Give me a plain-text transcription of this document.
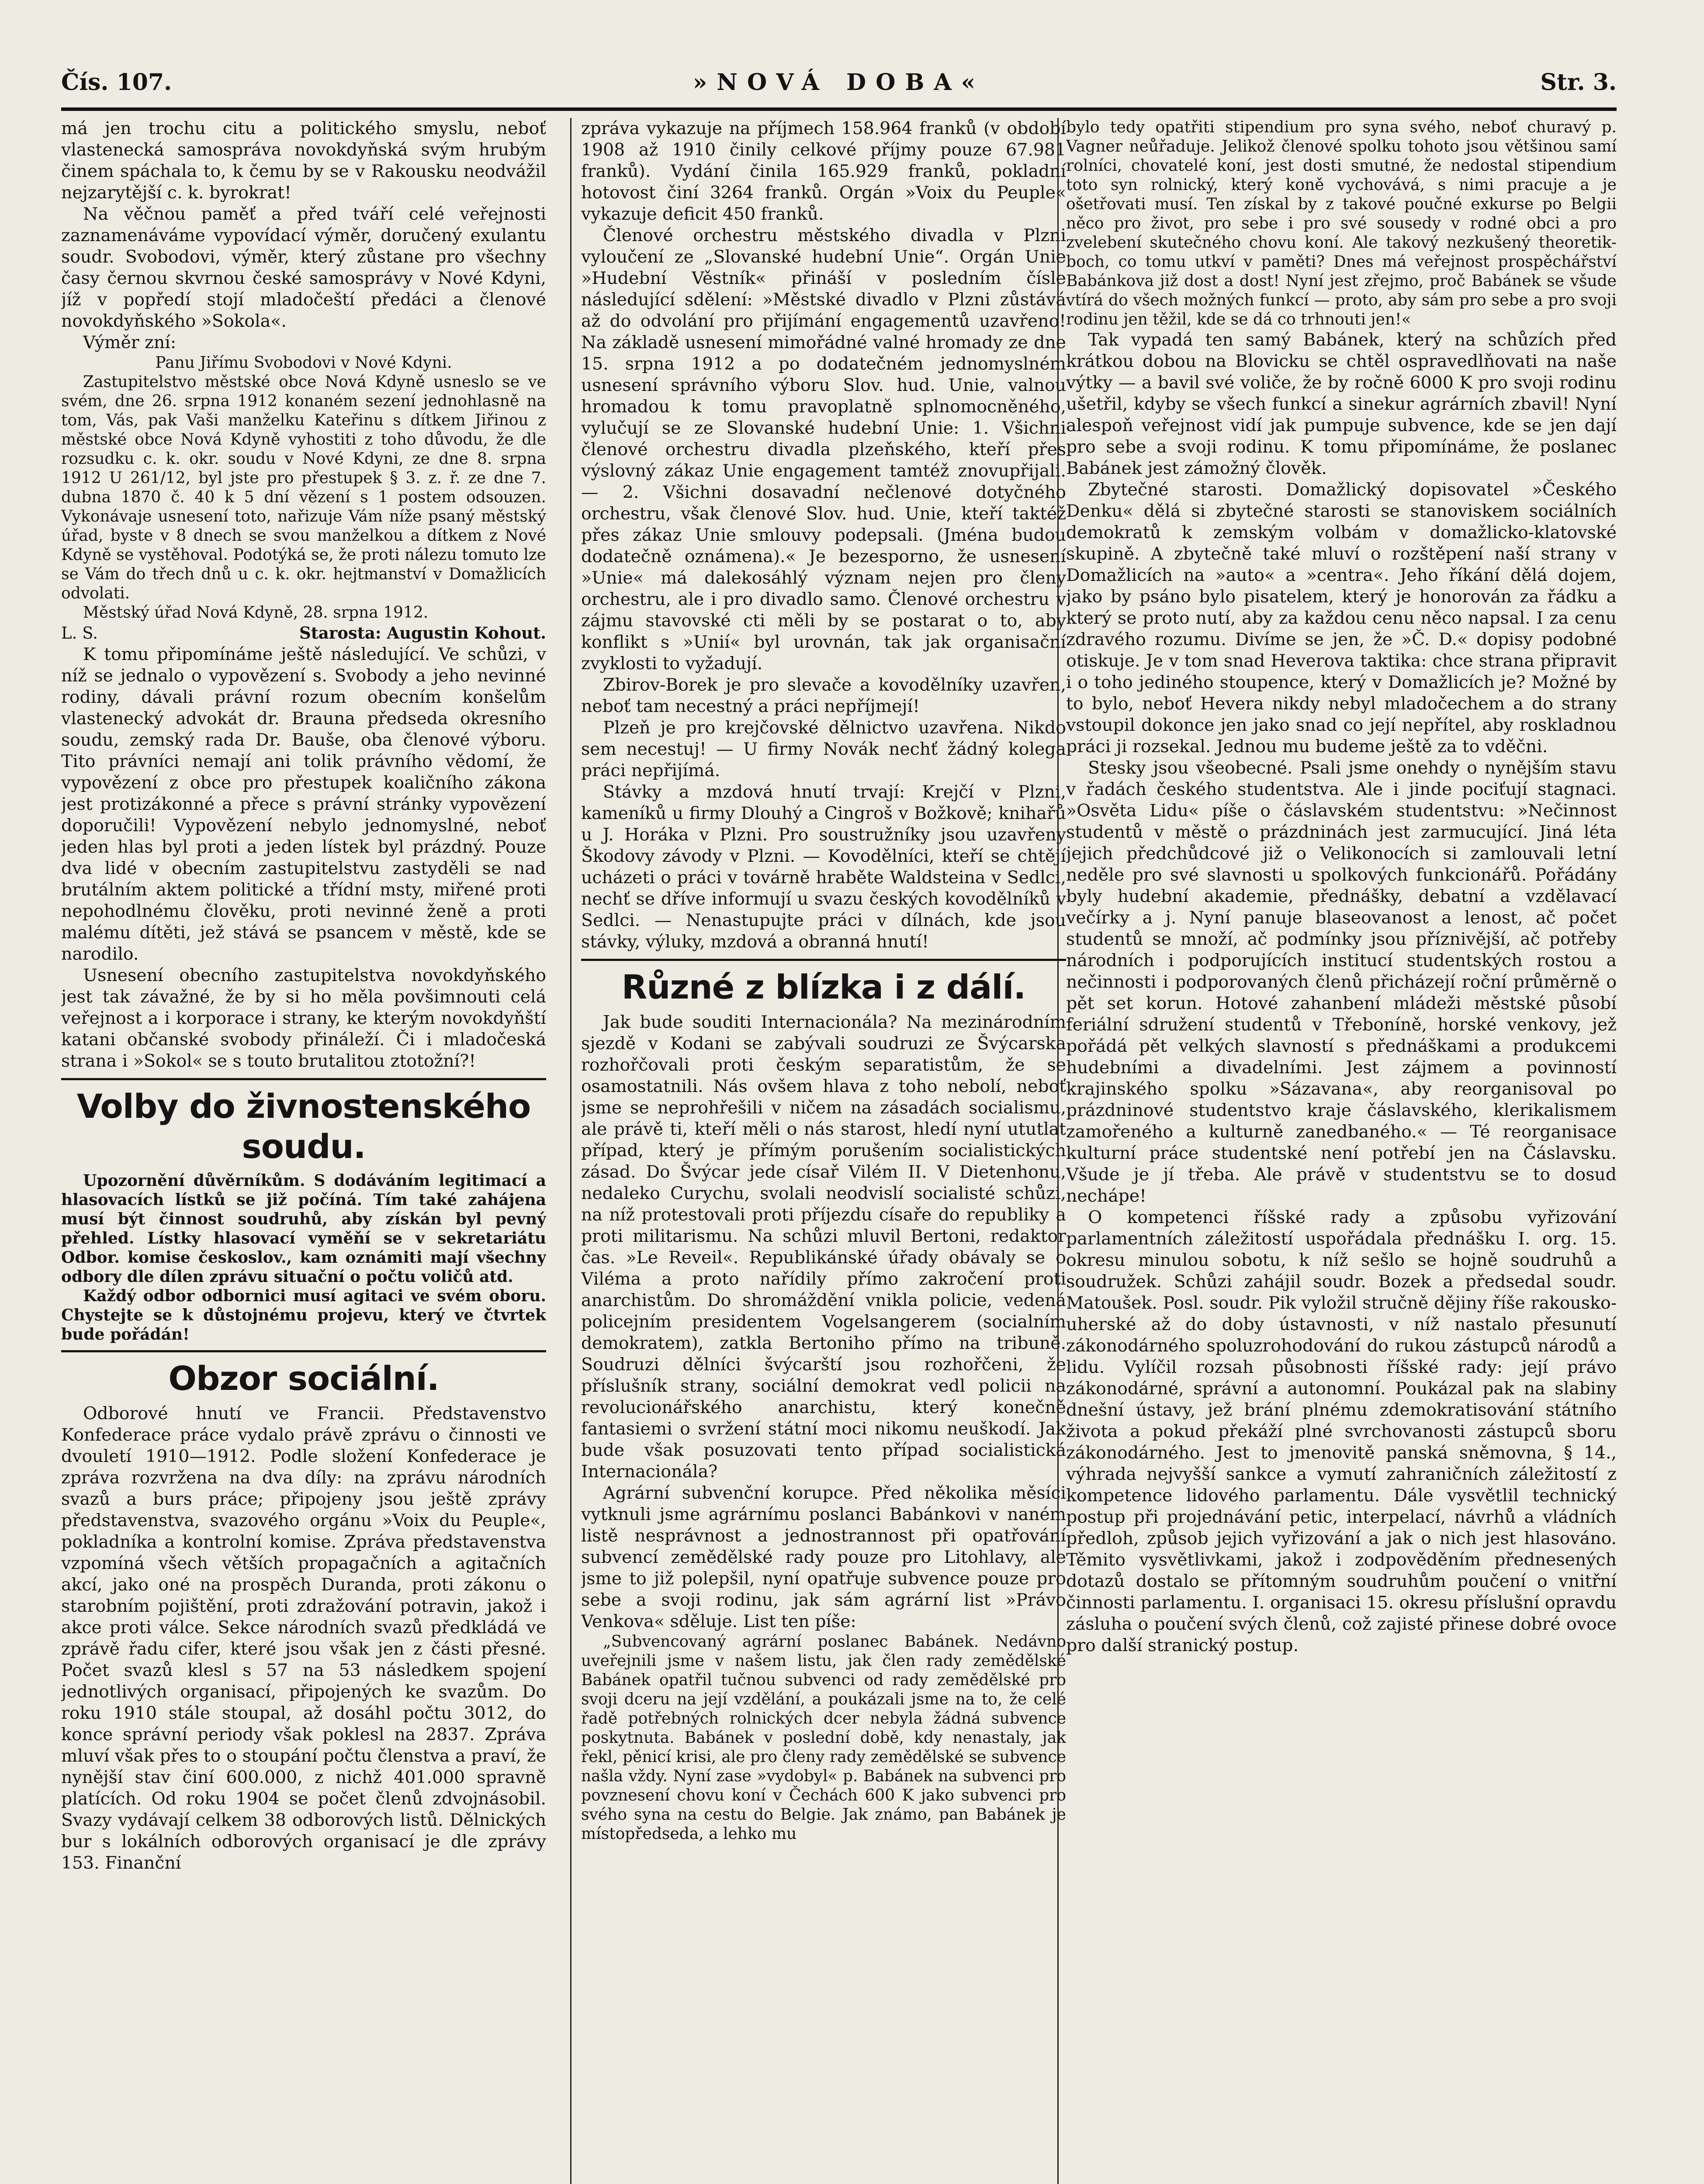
Čís. 107.	»NOVÁ DOBA«	Str. 3.

má jen trochu citu a politického smyslu, neboť vlastenecká samospráva novokdyňská svým hrubým činem spáchala to, k čemu by se v Rakousku neodvážil nejzarytější c. k. byrokrat!

Na věčnou paměť a před tváří celé veřejnosti zaznamenáváme vypovídací výměr, doručený exulantu soudr. Svobodovi, výměr, který zůstane pro všechny časy černou skvrnou české samosprávy v Nové Kdyni, jíž v popředí stojí mladočeští předáci a členové novokdyňského »Sokola«.

Výměr zní:

Panu Jiřímu Svobodovi v Nové Kdyni.

Zastupitelstvo městské obce Nová Kdyně usneslo se ve svém, dne 26. srpna 1912 konaném sezení jednohlasně na tom, Vás, pak Vaši manželku Kateřinu s dítkem Jiřinou z městské obce Nová Kdyně vyhostiti z toho důvodu, že dle rozsudku c. k. okr. soudu v Nové Kdyni, ze dne 8. srpna 1912 U 261/12, byl jste pro přestupek § 3. z. ř. ze dne 7. dubna 1870 č. 40 k 5 dní vězení s 1 postem odsouzen. Vykonávaje usnesení toto, nařizuje Vám níže psaný městský úřad, byste v 8 dnech se svou manželkou a dítkem z Nové Kdyně se vystěhoval. Podotýká se, že proti nálezu tomuto lze se Vám do třech dnů u c. k. okr. hejtmanství v Domažlicích odvolati.

Městský úřad Nová Kdyně, 28. srpna 1912.

L. S.	Starosta: Augustin Kohout.

K tomu připomínáme ještě následující. Ve schůzi, v níž se jednalo o vypovězení s. Svobody a jeho nevinné rodiny, dávali právní rozum obecním konšelům vlastenecký advokát dr. Brauna předseda okresního soudu, zemský rada Dr. Bauše, oba členové výboru. Tito právníci nemají ani tolik právního vědomí, že vypovězení z obce pro přestupek koaličního zákona jest protizákonné a přece s právní stránky vypovězení doporučili! Vypovězení nebylo jednomyslné, neboť jeden hlas byl proti a jeden lístek byl prázdný. Pouze dva lidé v obecním zastupitelstvu zastyděli se nad brutálním aktem politické a třídní msty, miřené proti nepohodlnému člověku, proti nevinné ženě a proti malému dítěti, jež stává se psancem v městě, kde se narodilo.

Usnesení obecního zastupitelstva novokdyňského jest tak závažné, že by si ho měla povšimnouti celá veřejnost a i korporace i strany, ke kterým novokdyňští katani občanské svobody přináleží. Či i mladočeská strana i »Sokol« se s touto brutalitou ztotožní?!

Volby do živnostenského soudu.

Upozornění důvěrníkům. S dodáváním legitimací a hlasovacích lístků se již počíná. Tím také zahájena musí být činnost soudruhů, aby získán byl pevný přehled. Lístky hlasovací vyměňí se v sekretariátu Odbor. komise českoslov., kam oznámiti mají všechny odbory dle dílen zprávu situační o počtu voličů atd.

Každý odbor odbornici musí agitaci ve svém oboru. Chystejte se k důstojnému projevu, který ve čtvrtek bude pořádán!

Obzor sociální.

Odborové hnutí ve Francii. Představenstvo Konfederace práce vydalo právě zprávu o činnosti ve dvouletí 1910—1912. Podle složení Konfederace je zpráva rozvržena na dva díly: na zprávu národních svazů a burs práce; připojeny jsou ještě zprávy představenstva, svazového orgánu »Voix du Peuple«, pokladníka a kontrolní komise. Zpráva představenstva vzpomíná všech větších propagačních a agitačních akcí, jako oné na prospěch Duranda, proti zákonu o starobním pojištění, proti zdražování potravin, jakož i akce proti válce. Sekce národních svazů předkládá ve zprávě řadu cifer, které jsou však jen z části přesné. Počet svazů klesl s 57 na 53 následkem spojení jednotlivých organisací, připojených ke svazům. Do roku 1910 stále stoupal, až dosáhl počtu 3012, do konce správní periody však poklesl na 2837. Zpráva mluví však přes to o stoupání počtu členstva a praví, že nynější stav činí 600.000, z nichž 401.000 spravně platících. Od roku 1904 se počet členů zdvojnásobil. Svazy vydávají celkem 38 odborových listů. Dělnických bur s lokálních odborových organisací je dle zprávy 153. Finanční

zpráva vykazuje na příjmech 158.964 franků (v období 1908 až 1910 činily celkové příjmy pouze 67.981 franků). Vydání činila 165.929 franků, pokladní hotovost činí 3264 franků. Orgán »Voix du Peuple« vykazuje deficit 450 franků.

Členové orchestru městského divadla v Plzni vyloučení ze „Slovanské hudební Unie“. Orgán Unie »Hudební Věstník« přináší v posledním čísle následující sdělení: »Městské divadlo v Plzni zůstává až do odvolání pro přijímání engagementů uzavřeno! Na základě usnesení mimořádné valné hromady ze dne 15. srpna 1912 a po dodatečném jednomyslném usnesení správního výboru Slov. hud. Unie, valnou hromadou k tomu pravoplatně splnomocněného, vylučují se ze Slovanské hudební Unie: 1. Všichni členové orchestru divadla plzeňského, kteří přes výslovný zákaz Unie engagement tamtéž znovupřijali. — 2. Všichni dosavadní nečlenové dotyčného orchestru, však členové Slov. hud. Unie, kteří taktéž přes zákaz Unie smlouvy podepsali. (Jména budou dodatečně oznámena).« Je bezesporno, že usnesení »Unie« má dalekosáhlý význam nejen pro členy orchestru, ale i pro divadlo samo. Členové orchestru v zájmu stavovské cti měli by se postarat o to, aby konflikt s »Unií« byl urovnán, tak jak organisační zvyklosti to vyžadují.

Zbirov-Borek je pro slevače a kovodělníky uzavřen, neboť tam necestný a práci nepříjmejí!

Plzeň je pro krejčovské dělnictvo uzavřena. Nikdo sem necestuj! — U firmy Novák nechť žádný kolega práci nepřijímá.

Stávky a mzdová hnutí trvají: Krejčí v Plzni, kameníků u firmy Dlouhý a Cingroš v Božkově; knihařů u J. Horáka v Plzni. Pro soustružníky jsou uzavřeny Škodovy závody v Plzni. — Kovodělníci, kteří se chtějí ucházeti o práci v továrně hraběte Waldsteina v Sedlci, nechť se dříve informují u svazu českých kovodělníků v Sedlci. — Nenastupujte práci v dílnách, kde jsou stávky, výluky, mzdová a obranná hnutí!

Různé z blízka i z dálí.

Jak bude souditi Internacionála? Na mezinárodním sjezdě v Kodani se zabývali soudruzi ze Švýcarska rozhořčovali proti českým separatistům, že se osamostatnili. Nás ovšem hlava z toho nebolí, neboť jsme se neprohřešili v ničem na zásadách socialismu, ale právě ti, kteří měli o nás starost, hledí nyní ututlat případ, který je přímým porušením socialistických zásad. Do Švýcar jede císař Vilém II. V Dietenhonu, nedaleko Curychu, svolali neodvislí socialisté schůzi, na níž protestovali proti příjezdu císaře do republiky a proti militarismu. Na schůzi mluvil Bertoni, redaktor čas. »Le Reveil«. Republikánské úřady obávaly se o Viléma a proto nařídily přímo zakročení proti anarchistům. Do shromáždění vnikla policie, vedená policejním presidentem Vogelsangerem (socialním demokratem), zatkla Bertoniho přímo na tribuně. Soudruzi dělníci švýcarští jsou rozhořčeni, že příslušník strany, sociální demokrat vedl policii na revolucionářského anarchistu, který konečně fantasiemi o svržení státní moci nikomu neuškodí. Jak bude však posuzovati tento případ socialistická Internacionála?

Agrární subvenční korupce. Před několika měsíci vytknuli jsme agrárnímu poslanci Babánkovi v naném listě nesprávnost a jednostrannost při opatřování subvencí zemědělské rady pouze pro Litohlavy, ale jsme to již polepšil, nyní opatřuje subvence pouze pro sebe a svoji rodinu, jak sám agrární list »Právo Venkova« sděluje. List ten píše:

„Subvencovaný agrární poslanec Babánek. Nedávno uveřejnili jsme v našem listu, jak člen rady zemědělské Babánek opatřil tučnou subvenci od rady zemědělské pro svoji dceru na její vzdělání, a poukázali jsme na to, že celé řadě potřebných rolnických dcer nebyla žádná subvence poskytnuta. Babánek v poslední době, kdy nenastaly, jak řekl, pěnicí krisi, ale pro členy rady zemědělské se subvence našla vždy. Nyní zase »vydobyl« p. Babánek na subvenci pro povznesení chovu koní v Čechách 600 K jako subvenci pro svého syna na cestu do Belgie. Jak známo, pan Babánek je místopředseda, a lehko mu

bylo tedy opatřiti stipendium pro syna svého, neboť churavý p. Vagner neůřaduje. Jelikož členové spolku tohoto jsou většinou samí rolníci, chovatelé koní, jest dosti smutné, že nedostal stipendium toto syn rolnický, který koně vychovává, s nimi pracuje a je ošetřovati musí. Ten získal by z takové poučné exkurse po Belgii něco pro život, pro sebe i pro své sousedy v rodné obci a pro zvelebení skutečného chovu koní. Ale takový nezkušený theoretik-boch, co tomu utkví v paměti? Dnes má veřejnost prospěchářství Babánkova již dost a dost! Nyní jest zřejmo, proč Babánek se všude vtírá do všech možných funkcí — proto, aby sám pro sebe a pro svoji rodinu jen těžil, kde se dá co trhnouti jen!«

Tak vypadá ten samý Babánek, který na schůzích před krátkou dobou na Blovicku se chtěl ospravedlňovati na naše výtky — a bavil své voliče, že by ročně 6000 K pro svoji rodinu ušetřil, kdyby se všech funkcí a sinekur agrárních zbavil! Nyní alespoň veřejnost vidí jak pumpuje subvence, kde se jen dají pro sebe a svoji rodinu. K tomu připomínáme, že poslanec Babánek jest zámožný člověk.

Zbytečné starosti. Domažlický dopisovatel »Českého Denku« dělá si zbytečné starosti se stanoviskem sociálních demokratů k zemským volbám v domažlicko-klatovské skupině. A zbytečně také mluví o rozštěpení naší strany v Domažlicích na »auto« a »centra«. Jeho říkání dělá dojem, jako by psáno bylo pisatelem, který je honorován za řádku a který se proto nutí, aby za každou cenu něco napsal. I za cenu zdravého rozumu. Divíme se jen, že »Č. D.« dopisy podobné otiskuje. Je v tom snad Heverova taktika: chce strana připravit i o toho jediného stoupence, který v Domažlicích je? Možné by to bylo, neboť Hevera nikdy nebyl mladočechem a do strany vstoupil dokonce jen jako snad co její nepřítel, aby roskladnou práci ji rozsekal. Jednou mu budeme ještě za to vděčni.

Stesky jsou všeobecné. Psali jsme onehdy o nynějším stavu v řadách českého studentstva. Ale i jinde pociťují stagnaci. »Osvěta Lidu« píše o čáslavském studentstvu: »Nečinnost studentů v městě o prázdninách jest zarmucující. Jiná léta jejich předchůdcové již o Velikonocích si zamlouvali letní neděle pro své slavnosti u spolkových funkcionářů. Pořádány byly hudební akademie, přednášky, debatní a vzdělavací večírky a j. Nyní panuje blaseovanost a lenost, ač počet studentů se množí, ač podmínky jsou příznivější, ač potřeby národních i podporujících institucí studentských rostou a nečinnosti i podporovaných členů přicházejí roční průměrně o pět set korun. Hotové zahanbení mládeži městské působí feriální sdružení studentů v Třeboníně, horské venkovy, jež pořádá pět velkých slavností s přednáškami a produkcemi hudebními a divadelními. Jest zájmem a povinností krajinského spolku »Sázavana«, aby reorganisoval po prázdninové studentstvo kraje čáslavského, klerikalismem zamořeného a kulturně zanedbaného.« — Té reorganisace kulturní práce studentské není potřebí jen na Čáslavsku. Všude je jí třeba. Ale právě v studentstvu se to dosud nechápe!

O kompetenci říšské rady a způsobu vyřizování parlamentních záležitostí uspořádala přednášku I. org. 15. okresu minulou sobotu, k níž sešlo se hojně soudruhů a soudružek. Schůzi zahájil soudr. Bozek a předsedal soudr. Matoušek. Posl. soudr. Pik vyložil stručně dějiny říše rakousko-uherské až do doby ústavnosti, v níž nastalo přesunutí zákonodárného spoluzrohodování do rukou zástupců národů a lidu. Vylíčil rozsah působnosti říšské rady: její právo zákonodárné, správní a autonomní. Poukázal pak na slabiny dnešní ústavy, jež brání plnému zdemokratisování státního života a pokud překáží plné svrchovanosti zástupců sboru zákonodárného. Jest to jmenovitě panská sněmovna, § 14., výhrada nejvyšší sankce a vymutí zahraničních záležitostí z kompetence lidového parlamentu. Dále vysvětlil technický postup při projednávání petic, interpelací, návrhů a vládních předloh, způsob jejich vyřizování a jak o nich jest hlasováno. Těmito vysvětlivkami, jakož i zodpověděním přednesených dotazů dostalo se přítomným soudruhům poučení o vnitřní činnosti parlamentu. I. organisaci 15. okresu příslušní opravdu zásluha o poučení svých členů, což zajisté přinese dobré ovoce pro další stranický postup.
